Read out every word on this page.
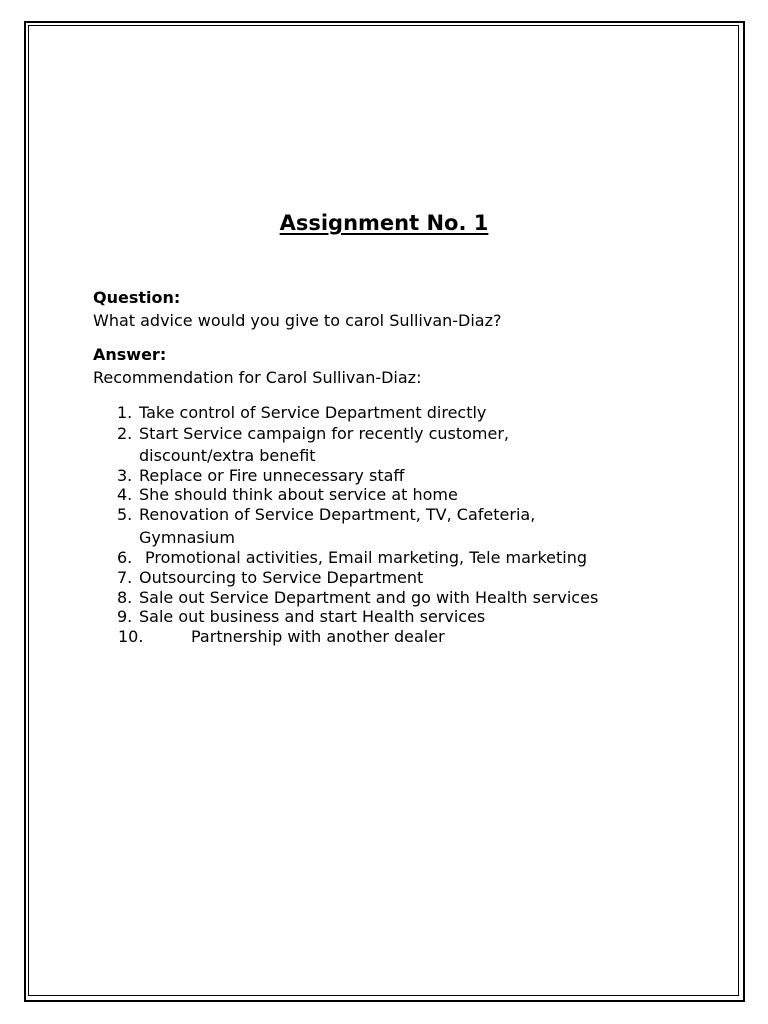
Assignment No. 1
Question:
What advice would you give to carol Sullivan-Diaz?
Answer:
Recommendation for Carol Sullivan-Diaz:
1. Take control of Service Department directly
2. Start Service campaign for recently customer,
discount/extra benefit
3. Replace or Fire unnecessary staff
4. She should think about service at home
5. Renovation of Service Department, TV, Cafeteria,
Gymnasium
6. Promotional activities, Email marketing, Tele marketing
7. Outsourcing to Service Department
8. Sale out Service Department and go with Health services
9. Sale out business and start Health services
10.	Partnership with another dealer
